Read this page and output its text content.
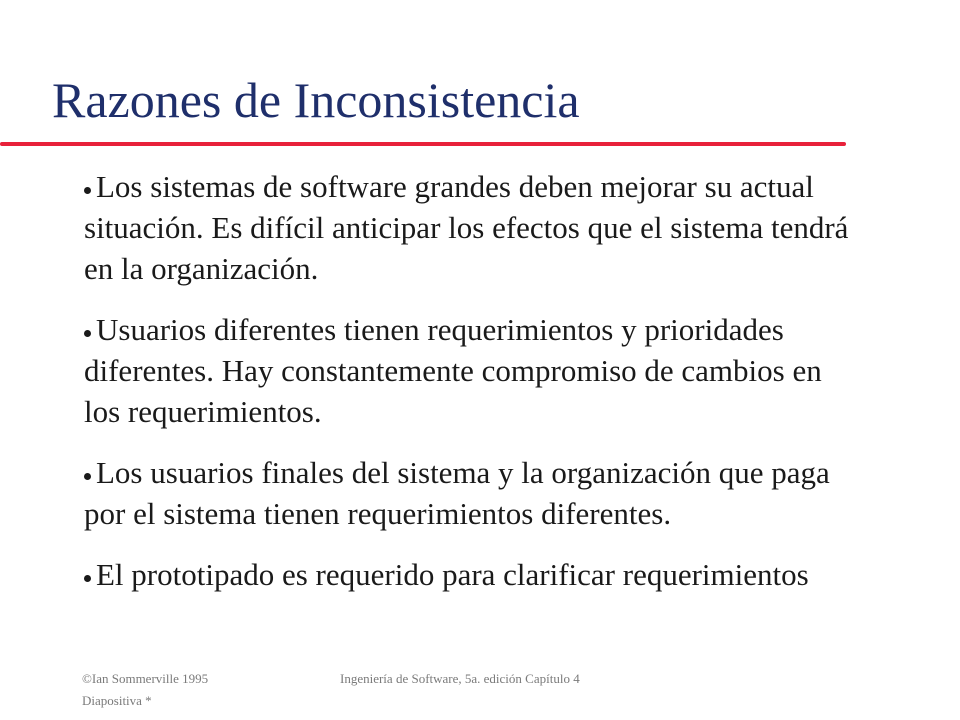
Razones de Inconsistencia
Los sistemas de software grandes deben mejorar su actual situación. Es difícil anticipar los efectos que el sistema tendrá en la organización.
Usuarios diferentes tienen requerimientos y prioridades diferentes. Hay constantemente compromiso de cambios en los requerimientos.
Los usuarios finales del sistema y la organización que paga por el sistema tienen requerimientos diferentes.
El prototipado es requerido para clarificar requerimientos
©Ian Sommerville 1995
Diapositiva *
Ingeniería de Software, 5a. edición Capítulo 4
